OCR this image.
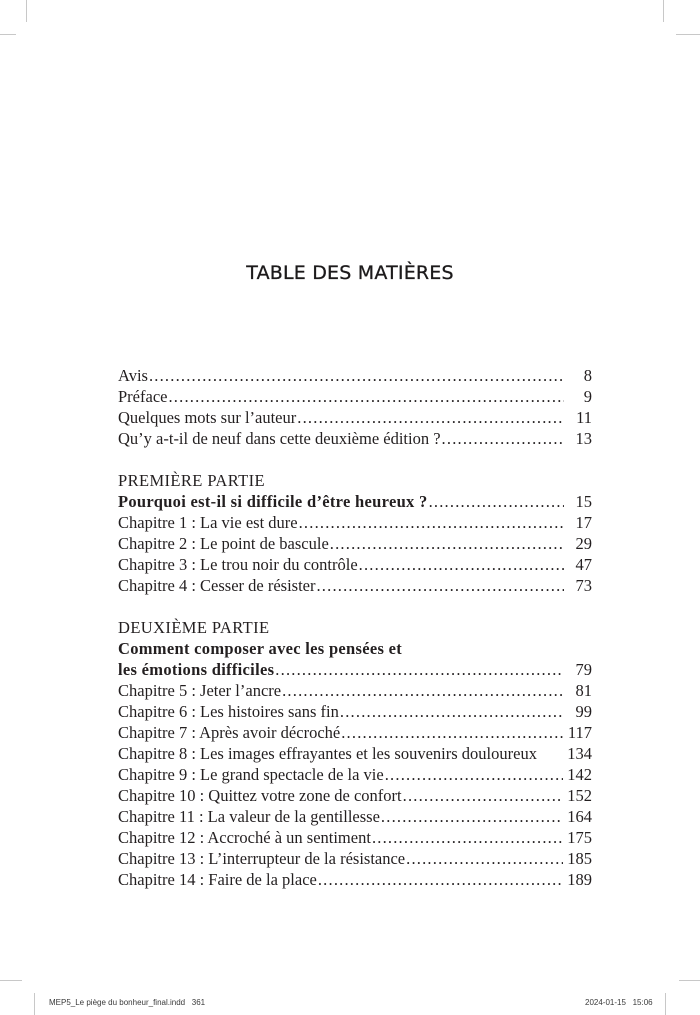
TABLE DES MATIÈRES
Avis .....	8
Préface .....	9
Quelques mots sur l’auteur .....	11
Qu’y a-t-il de neuf dans cette deuxième édition ? .....	13
PREMIÈRE PARTIE
Pourquoi est-il si difficile d’être heureux ? .....	15
Chapitre 1 : La vie est dure .....	17
Chapitre 2 : Le point de bascule .....	29
Chapitre 3 : Le trou noir du contrôle .....	47
Chapitre 4 : Cesser de résister .....	73
DEUXIÈME PARTIE
Comment composer avec les pensées et
les émotions difficiles .....	79
Chapitre 5 : Jeter l’ancre .....	81
Chapitre 6 : Les histoires sans fin .....	99
Chapitre 7 : Après avoir décroché .....	117
Chapitre 8 : Les images effrayantes et les souvenirs douloureux 134
Chapitre 9 : Le grand spectacle de la vie .....	142
Chapitre 10 : Quittez votre zone de confort .....	152
Chapitre 11 : La valeur de la gentillesse .....	164
Chapitre 12 : Accroché à un sentiment .....	175
Chapitre 13 : L’interrupteur de la résistance .....	185
Chapitre 14 : Faire de la place .....	189
MEP5_Le piège du bonheur_final.indd   361	2024-01-15   15:06
